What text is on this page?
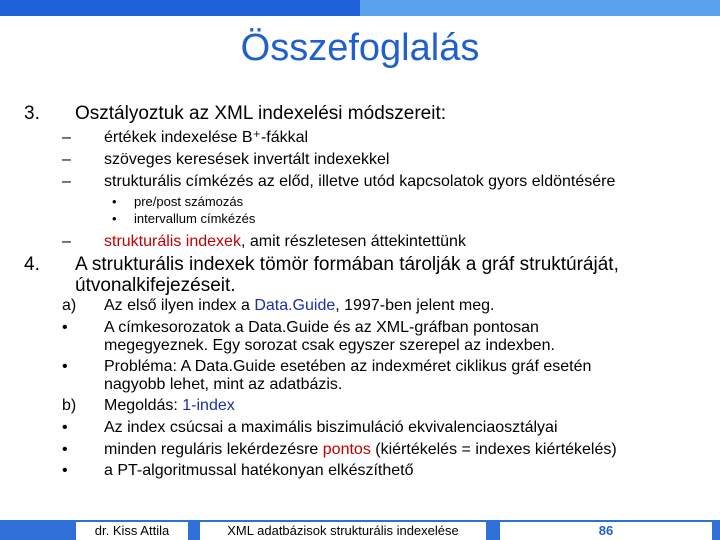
Összefoglalás
3. Osztályoztuk az XML indexelési módszereit:
– értékek indexelése B⁺-fákkal
– szöveges keresések invertált indexekkel
– strukturális címkézés az előd, illetve utód kapcsolatok gyors eldöntésére
• pre/post számozás
• intervallum címkézés
– strukturális indexek, amit részletesen áttekintettünk
4. A strukturális indexek tömör formában tárolják a gráf struktúráját,
útvonalkifejezéseit.
a) Az első ilyen index a Data.Guide, 1997-ben jelent meg.
• A címkesorozatok a Data.Guide és az XML-gráfban pontosan
megegyeznek. Egy sorozat csak egyszer szerepel az indexben.
• Probléma: A Data.Guide esetében az indexméret ciklikus gráf esetén
nagyobb lehet, mint az adatbázis.
b) Megoldás: 1-index
• Az index csúcsai a maximális biszimuláció ekvivalenciaosztályai
• minden reguláris lekérdezésre pontos (kiértékelés = indexes kiértékelés)
• a PT-algoritmussal hatékonyan elkészíthető
dr. Kiss Attila	XML adatbázisok strukturális indexelése	86
